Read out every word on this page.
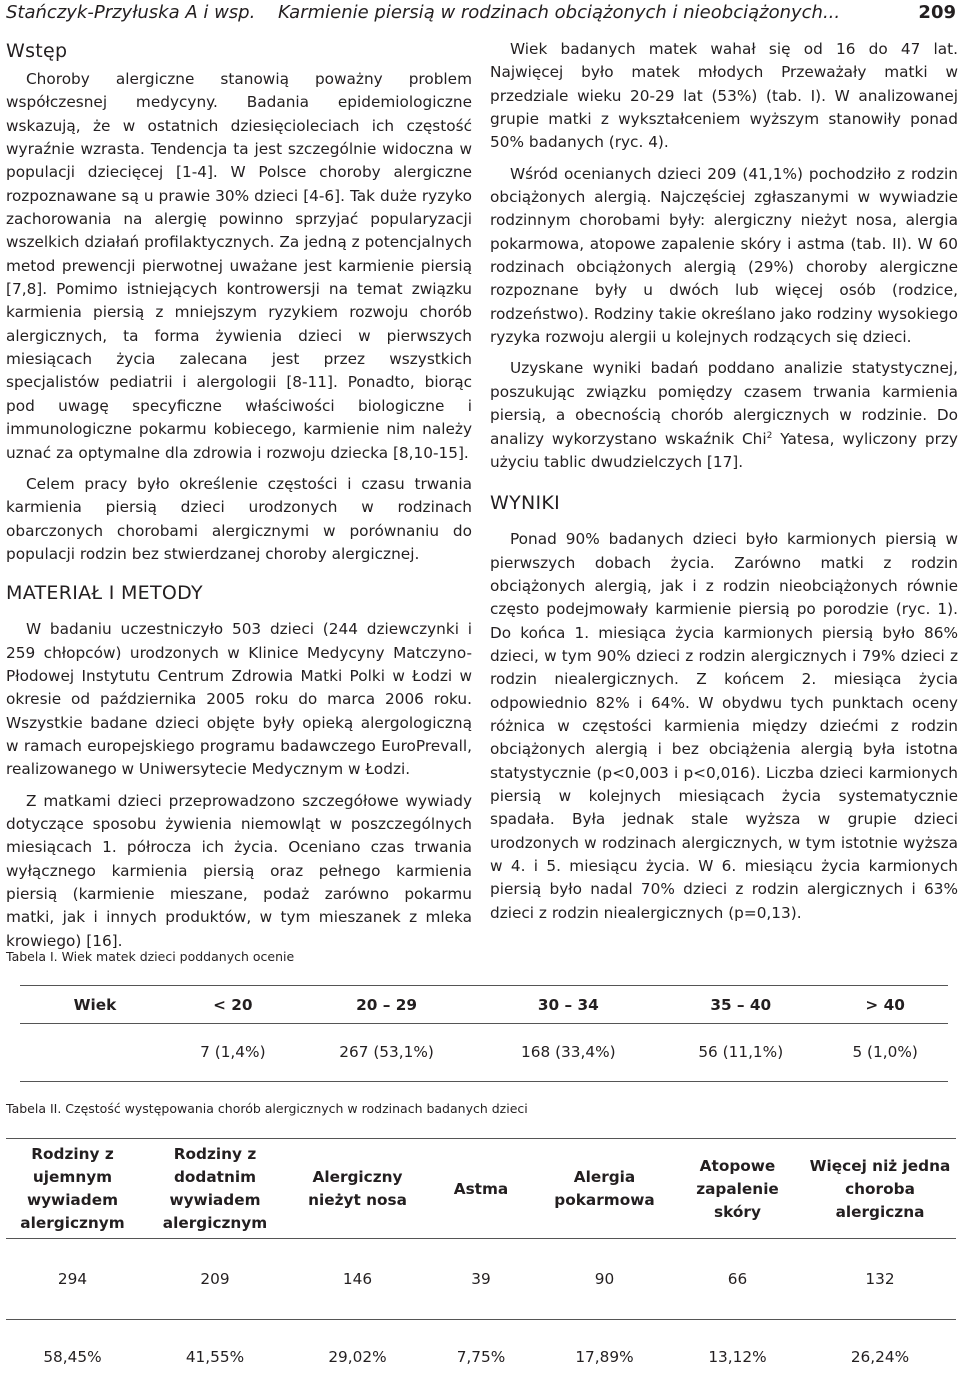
Stańczyk-Przyłuska A i wsp. Karmienie piersią w rodzinach obciążonych i nieobciążonych...	209
Wstęp

Choroby alergiczne stanowią poważny problem współczesnej medycyny. Badania epidemiologiczne wskazują, że w ostatnich dziesięcioleciach ich częstość wyraźnie wzrasta. Tendencja ta jest szczególnie widoczna w populacji dziecięcej [1-4]. W Polsce choroby alergiczne rozpoznawane są u prawie 30% dzieci [4-6]. Tak duże ryzyko zachorowania na alergię powinno sprzyjać popularyzacji wszelkich działań profilaktycznych. Za jedną z potencjalnych metod prewencji pierwotnej uważane jest karmienie piersią [7,8]. Pomimo istniejących kontrowersji na temat związku karmienia piersią z mniejszym ryzykiem rozwoju chorób alergicznych, ta forma żywienia dzieci w pierwszych miesiącach życia zalecana jest przez wszystkich specjalistów pediatrii i alergologii [8-11]. Ponadto, biorąc pod uwagę specyficzne właściwości biologiczne i immunologiczne pokarmu kobiecego, karmienie nim należy uznać za optymalne dla zdrowia i rozwoju dziecka [8,10-15].

Celem pracy było określenie częstości i czasu trwania karmienia piersią dzieci urodzonych w rodzinach obarczonych chorobami alergicznymi w porównaniu do populacji rodzin bez stwierdzanej choroby alergicznej.

MATERIAŁ I METODY

W badaniu uczestniczyło 503 dzieci (244 dziewczynki i 259 chłopców) urodzonych w Klinice Medycyny Matczyno-Płodowej Instytutu Centrum Zdrowia Matki Polki w Łodzi w okresie od października 2005 roku do marca 2006 roku. Wszystkie badane dzieci objęte były opieką alergologiczną w ramach europejskiego programu badawczego EuroPrevall, realizowanego w Uniwersytecie Medycznym w Łodzi.

Z matkami dzieci przeprowadzono szczegółowe wywiady dotyczące sposobu żywienia niemowląt w poszczególnych miesiącach 1. półrocza ich życia. Oceniano czas trwania wyłącznego karmienia piersią oraz pełnego karmienia piersią (karmienie mieszane, podaż zarówno pokarmu matki, jak i innych produktów, w tym mieszanek z mleka krowiego) [16].

Wiek badanych matek wahał się od 16 do 47 lat. Najwięcej było matek młodych Przeważały matki w przedziale wieku 20-29 lat (53%) (tab. I). W analizowanej grupie matki z wykształceniem wyższym stanowiły ponad 50% badanych (ryc. 4).

Wśród ocenianych dzieci 209 (41,1%) pochodziło z rodzin obciążonych alergią. Najczęściej zgłaszanymi w wywiadzie rodzinnym chorobami były: alergiczny nieżyt nosa, alergia pokarmowa, atopowe zapalenie skóry i astma (tab. II). W 60 rodzinach obciążonych alergią (29%) choroby alergiczne rozpoznane były u dwóch lub więcej osób (rodzice, rodzeństwo). Rodziny takie określano jako rodziny wysokiego ryzyka rozwoju alergii u kolejnych rodzących się dzieci.

Uzyskane wyniki badań poddano analizie statystycznej, poszukując związku pomiędzy czasem trwania karmienia piersią, a obecnością chorób alergicznych w rodzinie. Do analizy wykorzystano wskaźnik Chi$^2$ Yatesa, wyliczony przy użyciu tablic dwudzielczych [17].

WYNIKI

Ponad 90% badanych dzieci było karmionych piersią w pierwszych dobach życia. Zarówno matki z rodzin obciążonych alergią, jak i z rodzin nieobciążonych równie często podejmowały karmienie piersią po porodzie (ryc. 1). Do końca 1. miesiąca życia karmionych piersią było 86% dzieci, w tym 90% dzieci z rodzin alergicznych i 79% dzieci z rodzin niealergicznych. Z końcem 2. miesiąca życia odpowiednio 82% i 64%. W obydwu tych punktach oceny różnica w częstości karmienia między dziećmi z rodzin obciążonych alergią i bez obciążenia alergią była istotna statystycznie (p<0,003 i p<0,016). Liczba dzieci karmionych piersią w kolejnych miesiącach życia systematycznie spadała. Była jednak stale wyższa w grupie dzieci urodzonych w rodzinach alergicznych, w tym istotnie wyższa w 4. i 5. miesiącu życia. W 6. miesiącu życia karmionych piersią było nadal 70% dzieci z rodzin alergicznych i 63% dzieci z rodzin niealergicznych (p=0,13).

Tabela I. Wiek matek dzieci poddanych ocenie
Wiek	< 20	20 – 29	30 – 34	35 – 40	> 40
	7 (1,4%)	267 (53,1%)	168 (33,4%)	56 (11,1%)	5 (1,0%)
Tabela II. Częstość występowania chorób alergicznych w rodzinach badanych dzieci
Rodziny z ujemnym wywiadem alergicznym	Rodziny z dodatnim wywiadem alergicznym	Alergiczny nieżyt nosa	Astma	Alergia pokarmowa	Atopowe zapalenie skóry	Więcej niż jedna choroba alergiczna
294	209	146	39	90	66	132
58,45%	41,55%	29,02%	7,75%	17,89%	13,12%	26,24%
